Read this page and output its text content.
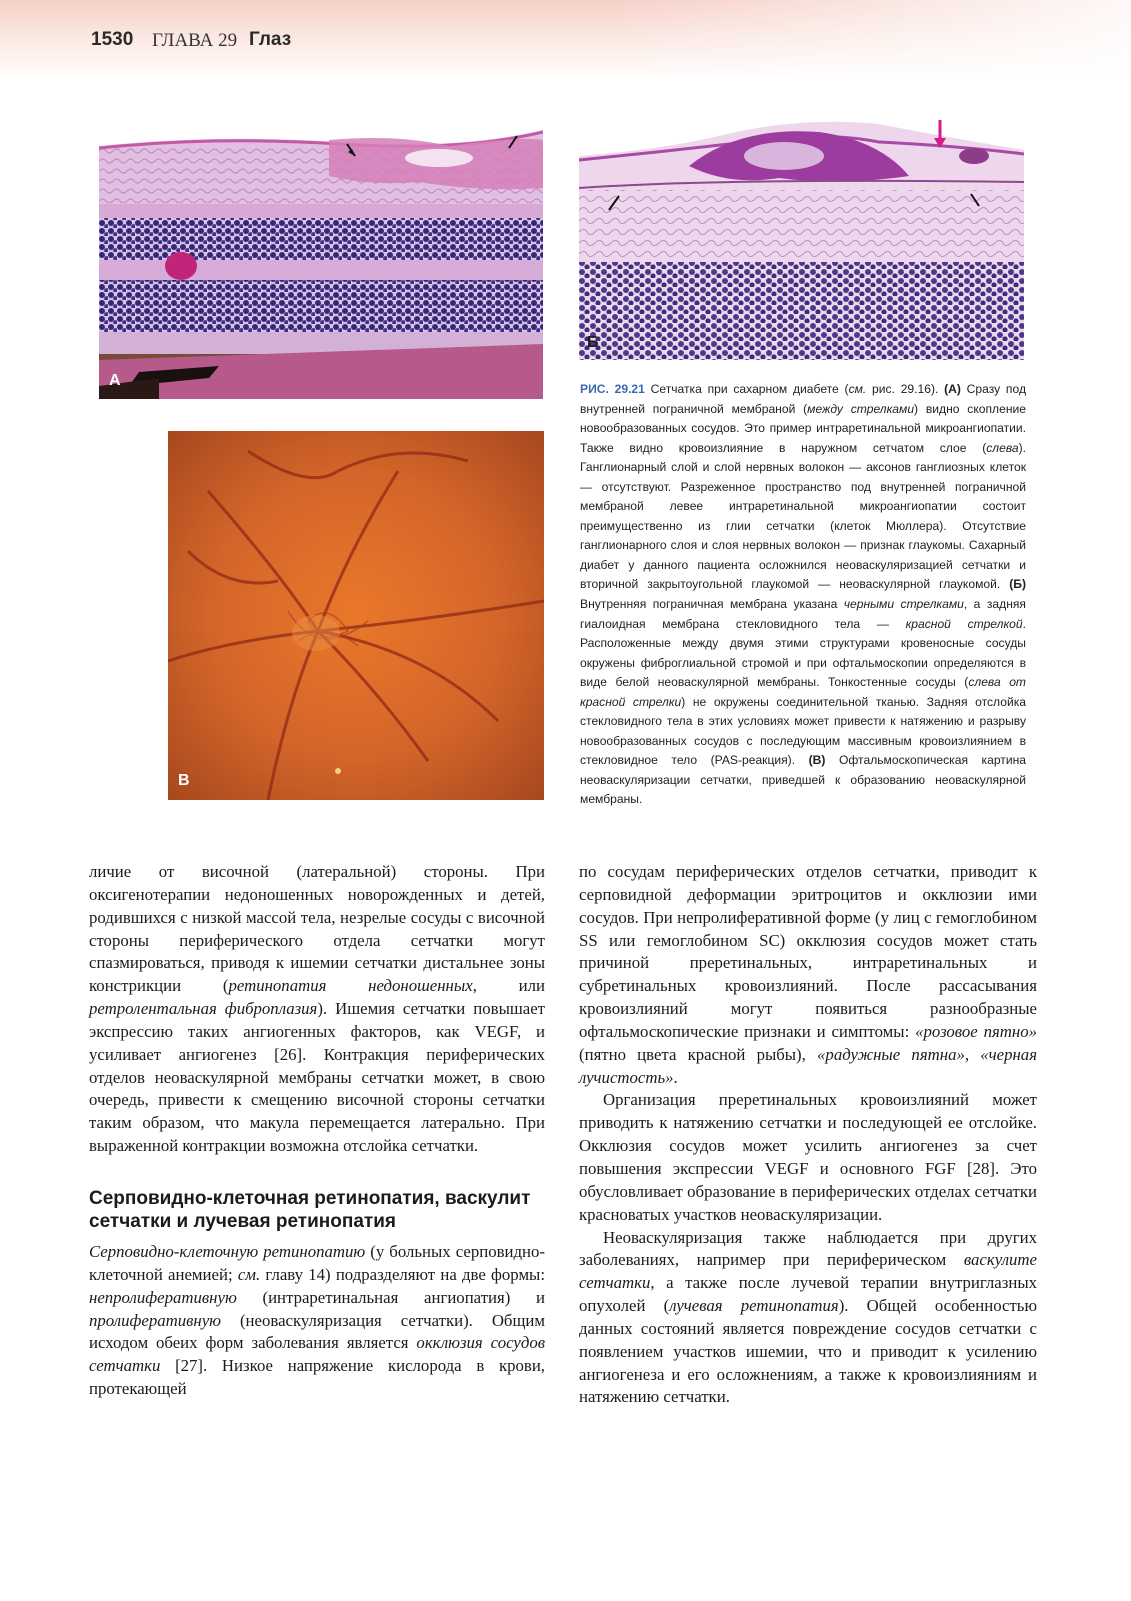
1530 ГЛАВА 29 Глаз
А
Б
В
РИС. 29.21 Сетчатка при сахарном диабете (см. рис. 29.16). (А) Сразу под внутренней пограничной мембраной (между стрелками) видно скопление новообразованных сосудов. Это пример интраретинальной микроангиопатии. Также видно кровоизлияние в наружном сетчатом слое (слева). Ганглионарный слой и слой нервных волокон — аксонов ганглиозных клеток — отсутствуют. Разреженное пространство под внутренней пограничной мембраной левее интраретинальной микроангиопатии состоит преимущественно из глии сетчатки (клеток Мюллера). Отсутствие ганглионарного слоя и слоя нервных волокон — признак глаукомы. Сахарный диабет у данного пациента осложнился неоваскуляризацией сетчатки и вторичной закрытоугольной глаукомой — неоваскулярной глаукомой. (Б) Внутренняя пограничная мембрана указана черными стрелками, а задняя гиалоидная мембрана стекловидного тела — красной стрелкой. Расположенные между двумя этими структурами кровеносные сосуды окружены фиброглиальной стромой и при офтальмоскопии определяются в виде белой неоваскулярной мембраны. Тонкостенные сосуды (слева от красной стрелки) не окружены соединительной тканью. Задняя отслойка стекловидного тела в этих условиях может привести к натяжению и разрыву новообразованных сосудов с последующим массивным кровоизлиянием в стекловидное тело (PAS-реакция). (В) Офтальмоскопическая картина неоваскуляризации сетчатки, приведшей к образованию неоваскулярной мембраны.

личие от височной (латеральной) стороны. При оксигенотерапии недоношенных новорожденных и детей, родившихся с низкой массой тела, незрелые сосуды с височной стороны периферического отдела сетчатки могут спазмироваться, приводя к ишемии сетчатки дистальнее зоны констрикции (ретинопатия недоношенных, или ретролентальная фиброплазия). Ишемия сетчатки повышает экспрессию таких ангиогенных факторов, как VEGF, и усиливает ангиогенез [26]. Контракция периферических отделов неоваскулярной мембраны сетчатки может, в свою очередь, привести к смещению височной стороны сетчатки таким образом, что макула перемещается латерально. При выраженной контракции возможна отслойка сетчатки.

Серповидно-клеточная ретинопатия, васкулит сетчатки и лучевая ретинопатия

Серповидно-клеточную ретинопатию (у больных серповидно-клеточной анемией; см. главу 14) подразделяют на две формы: непролиферативную (интраретинальная ангиопатия) и пролиферативную (неоваскуляризация сетчатки). Общим исходом обеих форм заболевания является окклюзия сосудов сетчатки [27]. Низкое напряжение кислорода в крови, протекающей

по сосудам периферических отделов сетчатки, приводит к серповидной деформации эритроцитов и окклюзии ими сосудов. При непролиферативной форме (у лиц с гемоглобином SS или гемоглобином SC) окклюзия сосудов может стать причиной преретинальных, интраретинальных и субретинальных кровоизлияний. После рассасывания кровоизлияний могут появиться разнообразные офтальмоскопические признаки и симптомы: «розовое пятно» (пятно цвета красной рыбы), «радужные пятна», «черная лучистость».

Организация преретинальных кровоизлияний может приводить к натяжению сетчатки и последующей ее отслойке. Окклюзия сосудов может усилить ангиогенез за счет повышения экспрессии VEGF и основного FGF [28]. Это обусловливает образование в периферических отделах сетчатки красноватых участков неоваскуляризации.

Неоваскуляризация также наблюдается при других заболеваниях, например при периферическом васкулите сетчатки, а также после лучевой терапии внутриглазных опухолей (лучевая ретинопатия). Общей особенностью данных состояний является повреждение сосудов сетчатки с появлением участков ишемии, что и приводит к усилению ангиогенеза и его осложнениям, а также к кровоизлияниям и натяжению сетчатки.
